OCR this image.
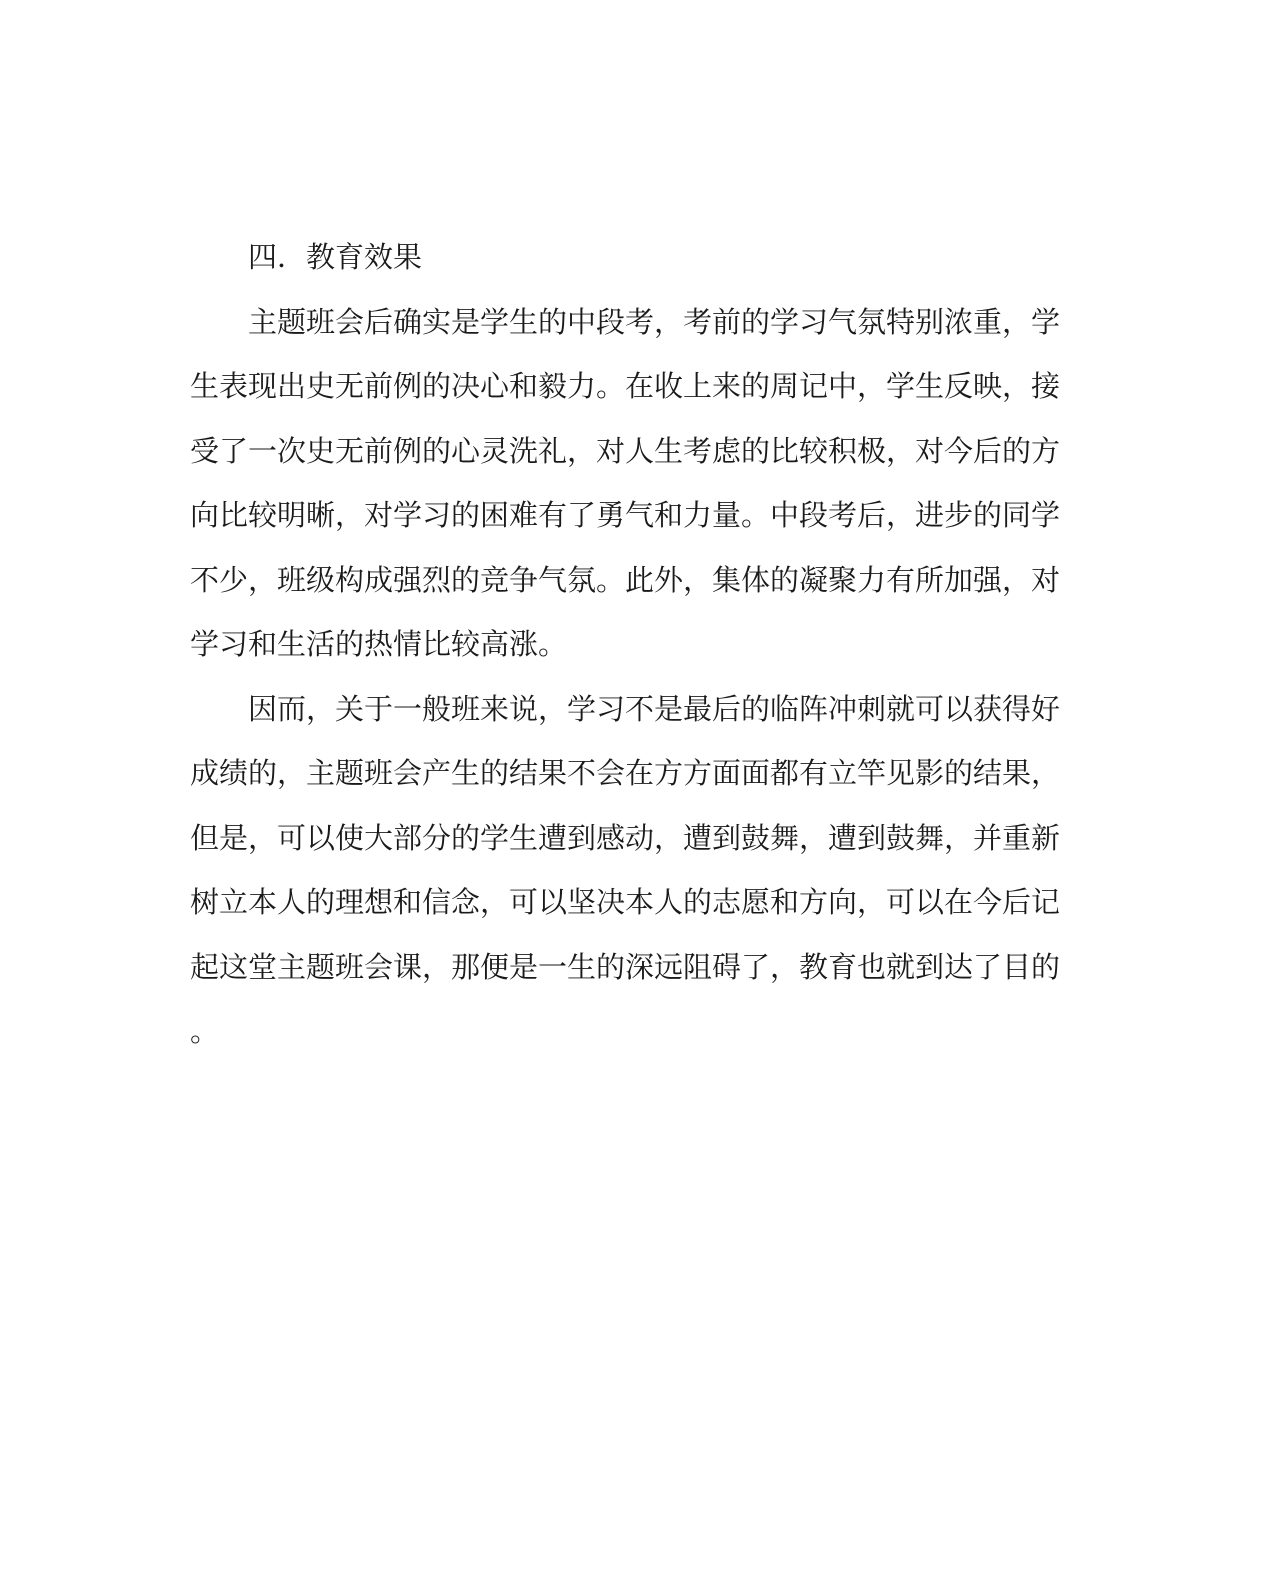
四．教育效果

主题班会后确实是学生的中段考，考前的学习气氛特别浓重，学
生表现出史无前例的决心和毅力。在收上来的周记中，学生反映，接
受了一次史无前例的心灵洗礼，对人生考虑的比较积极，对今后的方
向比较明晰，对学习的困难有了勇气和力量。中段考后，进步的同学
不少，班级构成强烈的竞争气氛。此外，集体的凝聚力有所加强，对
学习和生活的热情比较高涨。

因而，关于一般班来说，学习不是最后的临阵冲刺就可以获得好
成绩的，主题班会产生的结果不会在方方面面都有立竿见影的结果，
但是，可以使大部分的学生遭到感动，遭到鼓舞，遭到鼓舞，并重新
树立本人的理想和信念，可以坚决本人的志愿和方向，可以在今后记
起这堂主题班会课，那便是一生的深远阻碍了，教育也就到达了目的
。
